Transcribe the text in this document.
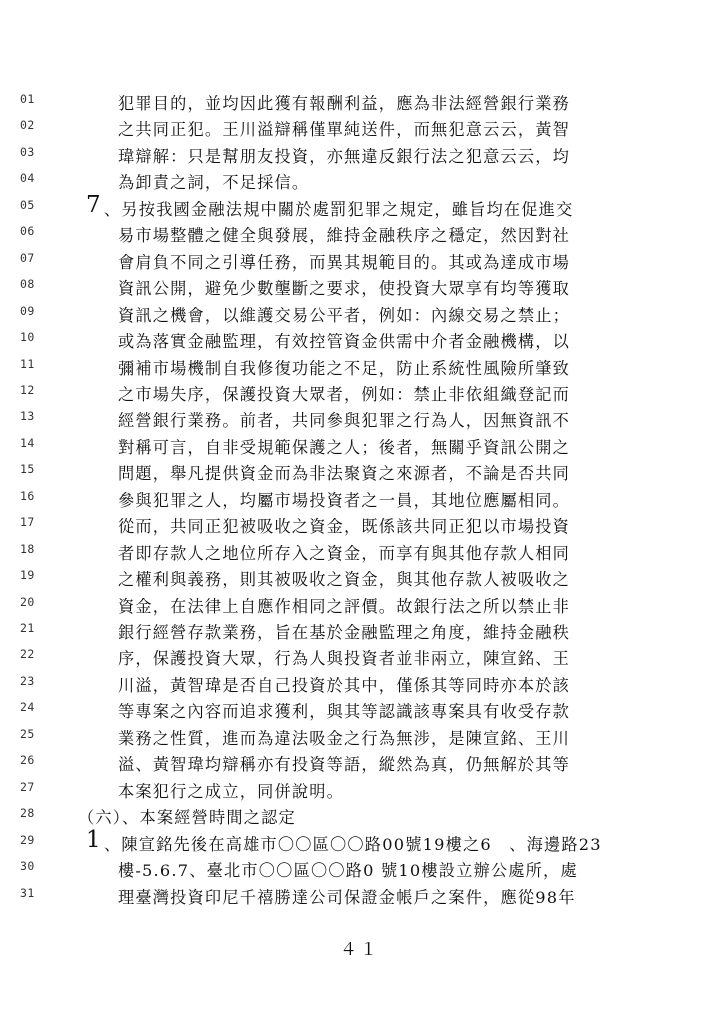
01	犯罪目的，並均因此獲有報酬利益，應為非法經營銀行業務
02	之共同正犯。王川溢辯稱僅單純送件，而無犯意云云，黃智
03	瑋辯解：只是幫朋友投資，亦無違反銀行法之犯意云云，均
04	為卸責之詞，不足採信。
05	7 、另按我國金融法規中關於處罰犯罪之規定，雖旨均在促進交
06	易市場整體之健全與發展，維持金融秩序之穩定，然因對社
07	會肩負不同之引導任務，而異其規範目的。其或為達成市場
08	資訊公開，避免少數壟斷之要求，使投資大眾享有均等獲取
09	資訊之機會，以維護交易公平者，例如：內線交易之禁止；
10	或為落實金融監理，有效控管資金供需中介者金融機構，以
11	彌補市場機制自我修復功能之不足，防止系統性風險所肇致
12	之市場失序，保護投資大眾者，例如：禁止非依組織登記而
13	經營銀行業務。前者，共同參與犯罪之行為人，因無資訊不
14	對稱可言，自非受規範保護之人；後者，無關乎資訊公開之
15	問題，舉凡提供資金而為非法聚資之來源者，不論是否共同
16	參與犯罪之人，均屬市場投資者之一員，其地位應屬相同。
17	從而，共同正犯被吸收之資金，既係該共同正犯以市場投資
18	者即存款人之地位所存入之資金，而享有與其他存款人相同
19	之權利與義務，則其被吸收之資金，與其他存款人被吸收之
20	資金，在法律上自應作相同之評價。故銀行法之所以禁止非
21	銀行經營存款業務，旨在基於金融監理之角度，維持金融秩
22	序，保護投資大眾，行為人與投資者並非兩立，陳宣銘、王
23	川溢，黃智瑋是否自己投資於其中，僅係其等同時亦本於該
24	等專案之內容而追求獲利，與其等認識該專案具有收受存款
25	業務之性質，進而為違法吸金之行為無涉，是陳宣銘、王川
26	溢、黃智瑋均辯稱亦有投資等語，縱然為真，仍無解於其等
27	本案犯行之成立，同併說明。
28	（六）、本案經營時間之認定
29	1 、陳宣銘先後在高雄市〇〇區〇〇路00號19樓之6　、海邊路23
30	樓-5.6.7、臺北市〇〇區〇〇路0 號10樓設立辦公處所，處
31	理臺灣投資印尼千禧勝達公司保證金帳戶之案件，應從98年
４１
